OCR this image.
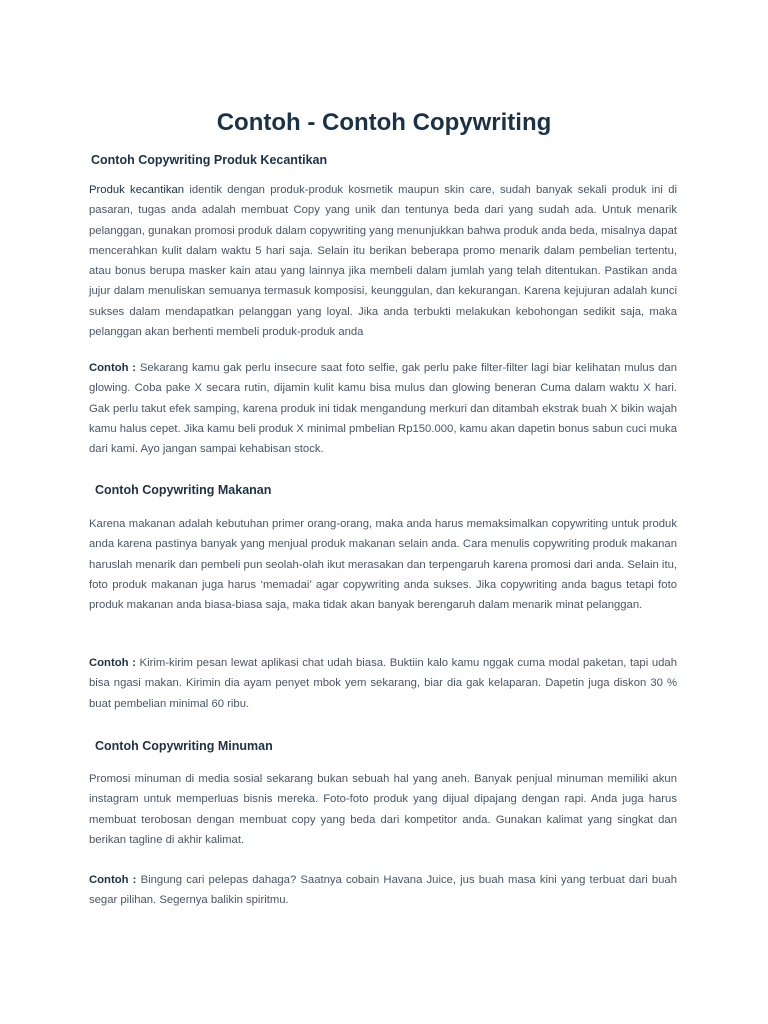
Contoh - Contoh Copywriting
Contoh Copywriting Produk Kecantikan

Produk kecantikan identik dengan produk-produk kosmetik maupun skin care, sudah banyak sekali produk ini di pasaran, tugas anda adalah membuat Copy yang unik dan tentunya beda dari yang sudah ada. Untuk menarik pelanggan, gunakan promosi produk dalam copywriting yang menunjukkan bahwa produk anda beda, misalnya dapat mencerahkan kulit dalam waktu 5 hari saja. Selain itu berikan beberapa promo menarik dalam pembelian tertentu, atau bonus berupa masker kain atau yang lainnya jika membeli dalam jumlah yang telah ditentukan. Pastikan anda jujur dalam menuliskan semuanya termasuk komposisi, keunggulan, dan kekurangan. Karena kejujuran adalah kunci sukses dalam mendapatkan pelanggan yang loyal. Jika anda terbukti melakukan kebohongan sedikit saja, maka pelanggan akan berhenti membeli produk-produk anda

Contoh : Sekarang kamu gak perlu insecure saat foto selfie, gak perlu pake filter-filter lagi biar kelihatan mulus dan glowing. Coba pake X secara rutin, dijamin kulit kamu bisa mulus dan glowing beneran Cuma dalam waktu X hari. Gak perlu takut efek samping, karena produk ini tidak mengandung merkuri dan ditambah ekstrak buah X bikin wajah kamu halus cepet. Jika kamu beli produk X minimal pmbelian Rp150.000, kamu akan dapetin bonus sabun cuci muka dari kami. Ayo jangan sampai kehabisan stock.

Contoh Copywriting Makanan

Karena makanan adalah kebutuhan primer orang-orang, maka anda harus memaksimalkan copywriting untuk produk anda karena pastinya banyak yang menjual produk makanan selain anda. Cara menulis copywriting produk makanan haruslah menarik dan pembeli pun seolah-olah ikut merasakan dan terpengaruh karena promosi dari anda. Selain itu, foto produk makanan juga harus ‘memadai’ agar copywriting anda sukses. Jika copywriting anda bagus tetapi foto produk makanan anda biasa-biasa saja, maka tidak akan banyak berengaruh dalam menarik minat pelanggan.

Contoh : Kirim-kirim pesan lewat aplikasi chat udah biasa. Buktiin kalo kamu nggak cuma modal paketan, tapi udah bisa ngasi makan. Kirimin dia ayam penyet mbok yem sekarang, biar dia gak kelaparan. Dapetin juga diskon 30 % buat pembelian minimal 60 ribu.

Contoh Copywriting Minuman

Promosi minuman di media sosial sekarang bukan sebuah hal yang aneh. Banyak penjual minuman memiliki akun instagram untuk memperluas bisnis mereka. Foto-foto produk yang dijual dipajang dengan rapi. Anda juga harus membuat terobosan dengan membuat copy yang beda dari kompetitor anda. Gunakan kalimat yang singkat dan berikan tagline di akhir kalimat.

Contoh : Bingung cari pelepas dahaga? Saatnya cobain Havana Juice, jus buah masa kini yang terbuat dari buah segar pilihan. Segernya balikin spiritmu.
